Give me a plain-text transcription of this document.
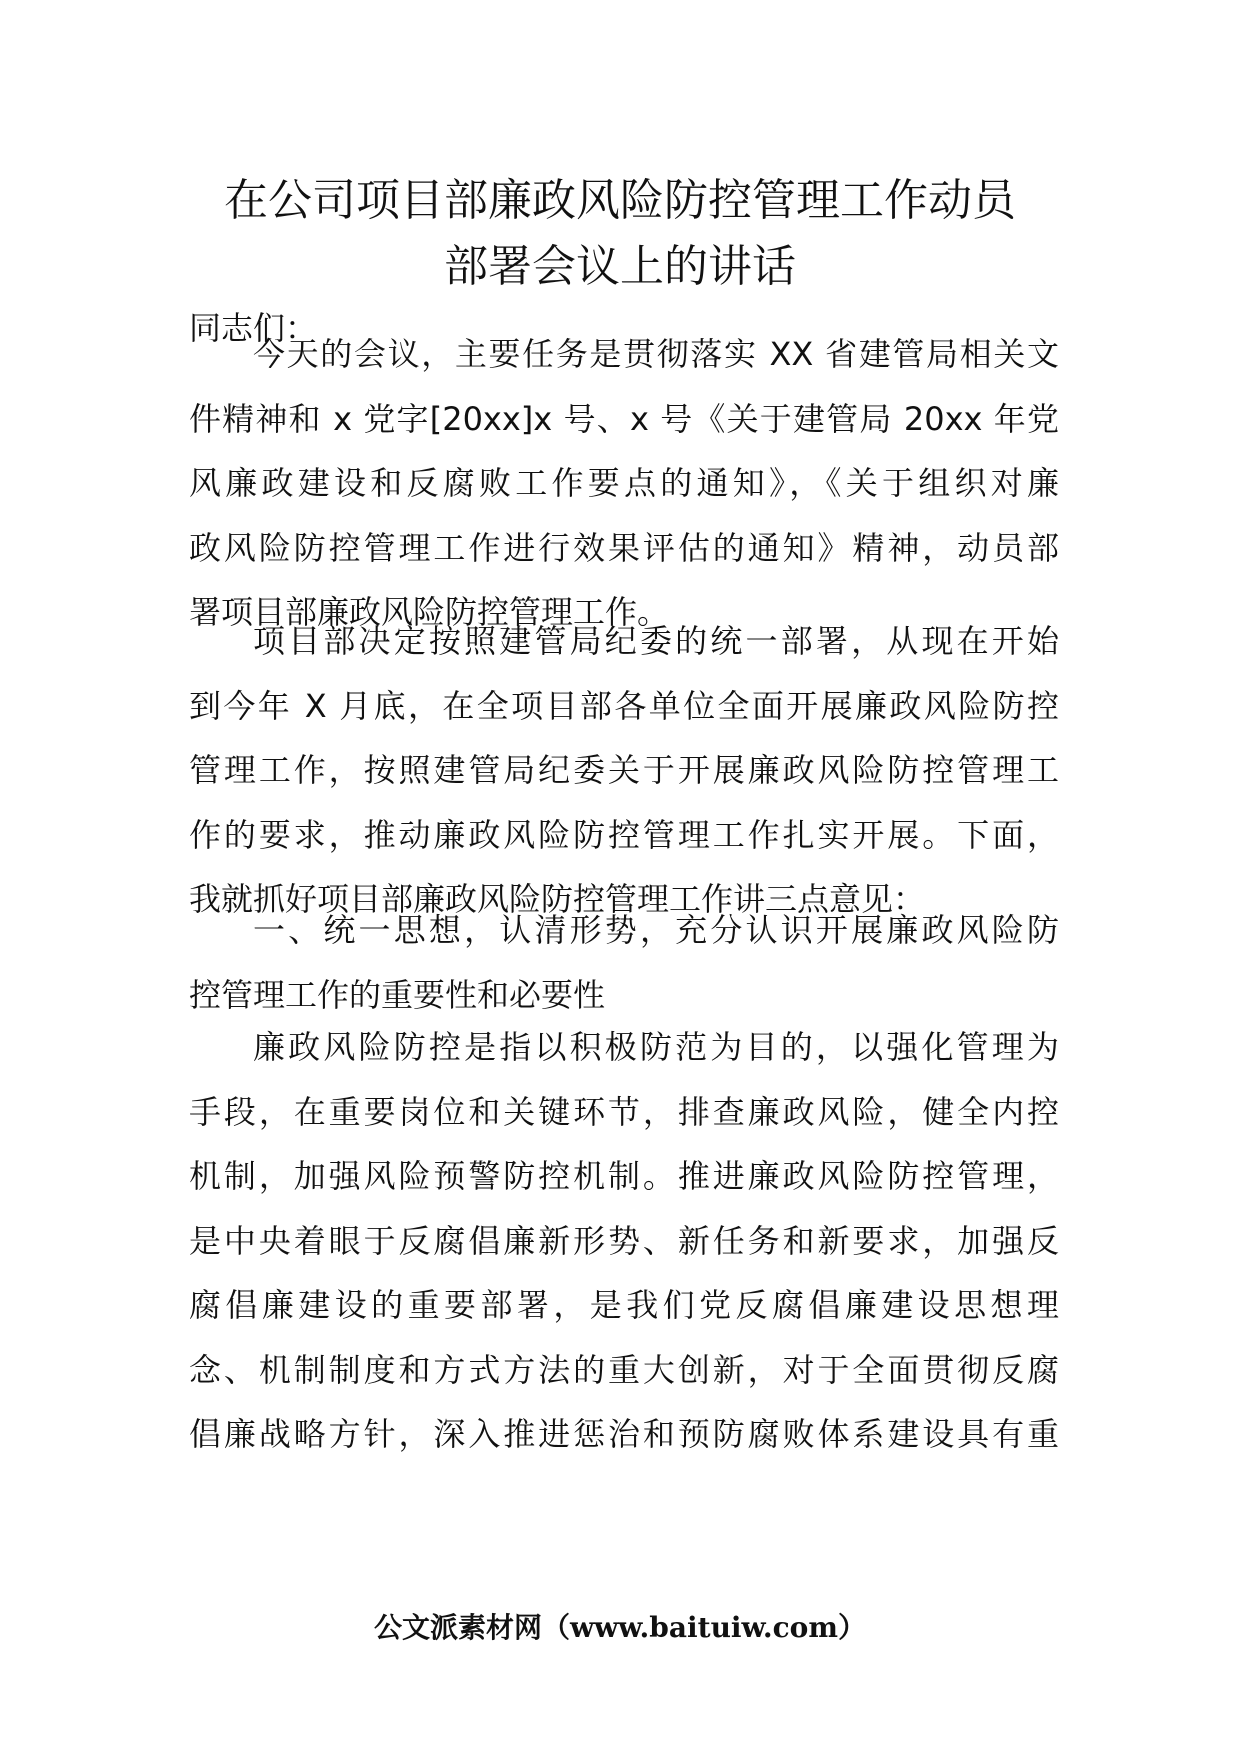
在公司项目部廉政风险防控管理工作动员
部署会议上的讲话

同志们：

今天的会议，主要任务是贯彻落实 XX 省建管局相关文
件精神和 x 党字[20xx]x 号、x 号《关于建管局 20xx 年党
风廉政建设和反腐败工作要点的通知》，《关于组织对廉
政风险防控管理工作进行效果评估的通知》精神，动员部
署项目部廉政风险防控管理工作。
项目部决定按照建管局纪委的统一部署，从现在开始
到今年 X 月底，在全项目部各单位全面开展廉政风险防控
管理工作，按照建管局纪委关于开展廉政风险防控管理工
作的要求，推动廉政风险防控管理工作扎实开展。下面，
我就抓好项目部廉政风险防控管理工作讲三点意见：
一、统一思想，认清形势，充分认识开展廉政风险防
控管理工作的重要性和必要性
廉政风险防控是指以积极防范为目的，以强化管理为
手段，在重要岗位和关键环节，排查廉政风险，健全内控
机制，加强风险预警防控机制。推进廉政风险防控管理，
是中央着眼于反腐倡廉新形势、新任务和新要求，加强反
腐倡廉建设的重要部署，是我们党反腐倡廉建设思想理
念、机制制度和方式方法的重大创新，对于全面贯彻反腐
倡廉战略方针，深入推进惩治和预防腐败体系建设具有重
公文派素材网（www.baituiw.com）
